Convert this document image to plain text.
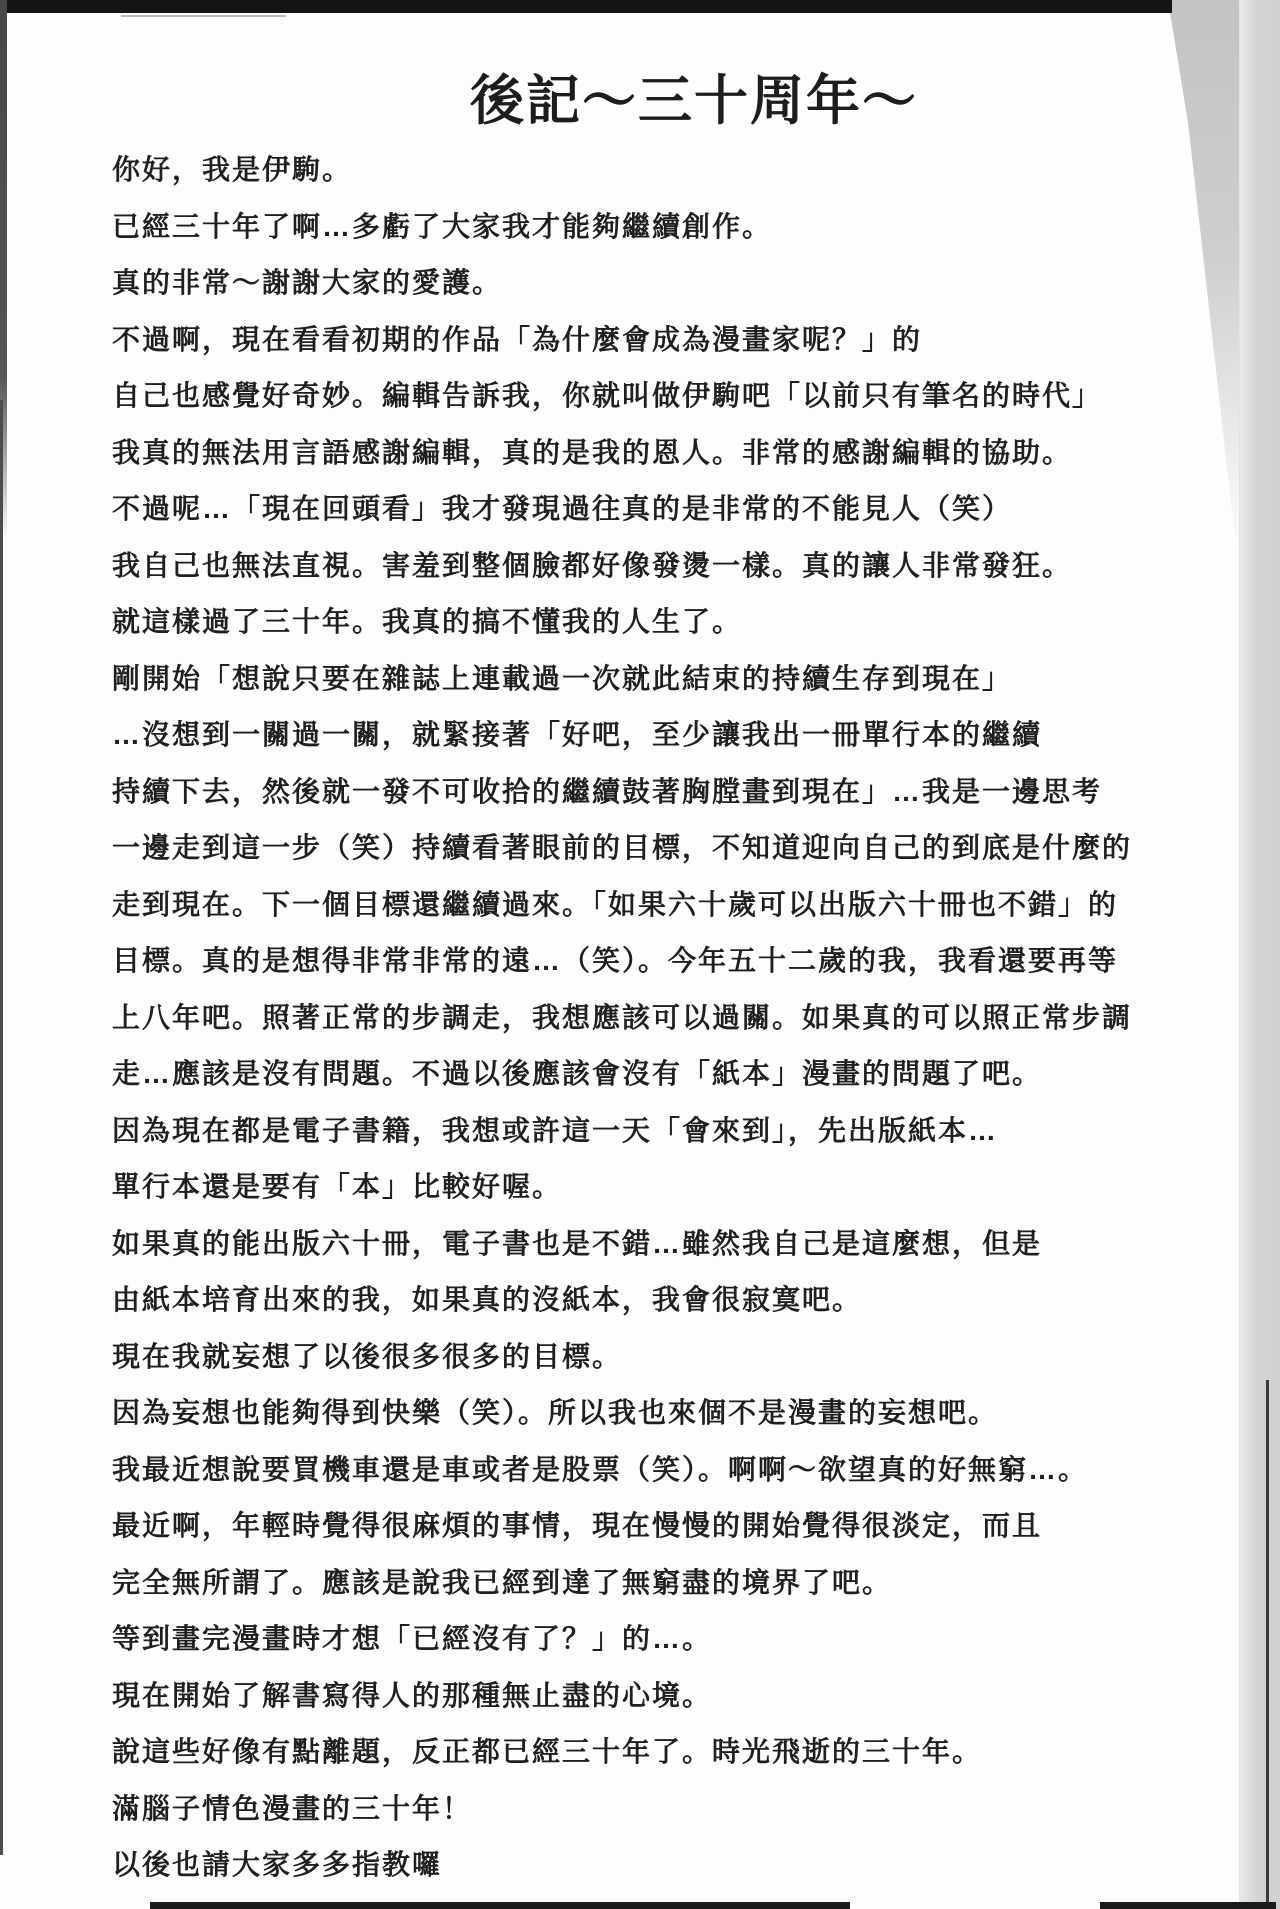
後記～三十周年～
你好，我是伊駒。
已經三十年了啊…多虧了大家我才能夠繼續創作。
真的非常～謝謝大家的愛護。
不過啊，現在看看初期的作品「為什麼會成為漫畫家呢？」的
自己也感覺好奇妙。編輯告訴我，你就叫做伊駒吧「以前只有筆名的時代」
我真的無法用言語感謝編輯，真的是我的恩人。非常的感謝編輯的協助。
不過呢…「現在回頭看」我才發現過往真的是非常的不能見人（笑）
我自己也無法直視。害羞到整個臉都好像發燙一樣。真的讓人非常發狂。
就這樣過了三十年。我真的搞不懂我的人生了。
剛開始「想說只要在雜誌上連載過一次就此結束的持續生存到現在」
…沒想到一關過一關，就緊接著「好吧，至少讓我出一冊單行本的繼續
持續下去，然後就一發不可收拾的繼續鼓著胸膛畫到現在」…我是一邊思考
一邊走到這一步（笑）持續看著眼前的目標，不知道迎向自己的到底是什麼的
走到現在。下一個目標還繼續過來。「如果六十歲可以出版六十冊也不錯」的
目標。真的是想得非常非常的遠…（笑）。今年五十二歲的我，我看還要再等
上八年吧。照著正常的步調走，我想應該可以過關。如果真的可以照正常步調
走…應該是沒有問題。不過以後應該會沒有「紙本」漫畫的問題了吧。
因為現在都是電子書籍，我想或許這一天「會來到」，先出版紙本…
單行本還是要有「本」比較好喔。
如果真的能出版六十冊，電子書也是不錯…雖然我自己是這麼想，但是
由紙本培育出來的我，如果真的沒紙本，我會很寂寞吧。
現在我就妄想了以後很多很多的目標。
因為妄想也能夠得到快樂（笑）。所以我也來個不是漫畫的妄想吧。
我最近想說要買機車還是車或者是股票（笑）。啊啊～欲望真的好無窮…。
最近啊，年輕時覺得很麻煩的事情，現在慢慢的開始覺得很淡定，而且
完全無所謂了。應該是說我已經到達了無窮盡的境界了吧。
等到畫完漫畫時才想「已經沒有了？」的…。
現在開始了解書寫得人的那種無止盡的心境。
說這些好像有點離題，反正都已經三十年了。時光飛逝的三十年。
滿腦子情色漫畫的三十年！
以後也請大家多多指教囉
